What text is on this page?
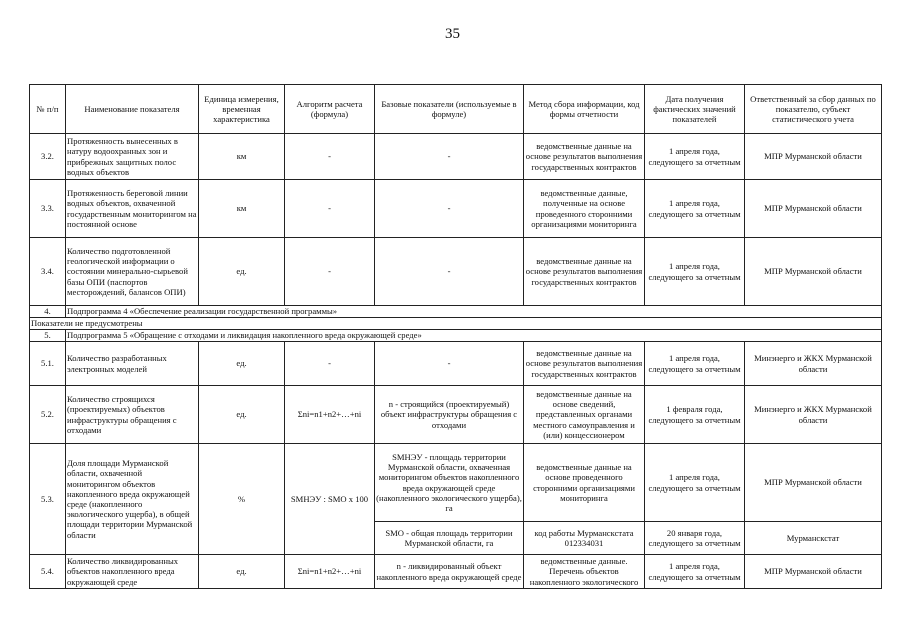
35
№ п/п	Наименование показателя	Единица измерения, временная характеристика	Алгоритм расчета (формула)	Базовые показатели (используемые в формуле)	Метод сбора информации, код формы отчетности	Дата получения фактических значений показателей	Ответственный за сбор данных по показателю, субъект статистического учета
3.2.	Протяженность вынесенных в натуру водоохранных зон и прибрежных защитных полос водных объектов	км	-	-	ведомственные данные на основе результатов выполнения государственных контрактов	1 апреля года, следующего за отчетным	МПР Мурманской области
3.3.	Протяженность береговой линии водных объектов, охваченной государственным мониторингом на постоянной основе	км	-	-	ведомственные данные, полученные на основе проведенного сторонними организациями мониторинга	1 апреля года, следующего за отчетным	МПР Мурманской области
3.4.	Количество подготовленной геологической информации о состоянии минерально-сырьевой базы ОПИ (паспортов месторождений, балансов ОПИ)	ед.	-	-	ведомственные данные на основе результатов выполнения государственных контрактов	1 апреля года, следующего за отчетным	МПР Мурманской области
4.	Подпрограмма 4 «Обеспечение реализации государственной программы»						
Показатели не предусмотрены							
5.	Подпрограмма 5 «Обращение с отходами и ликвидация накопленного вреда окружающей среде»						
5.1.	Количество разработанных электронных моделей	ед.	-	-	ведомственные данные на основе результатов выполнения государственных контрактов	1 апреля года, следующего за отчетным	Минэнерго и ЖКХ Мурманской области
5.2.	Количество строящихся (проектируемых) объектов инфраструктуры обращения с отходами	ед.	Σni=n1+n2+…+ni	n - строящийся (проектируемый) объект инфраструктуры обращения с отходами	ведомственные данные на основе сведений, представленных органами местного самоуправления и (или) концессионером	1 февраля года, следующего за отчетным	Минэнерго и ЖКХ Мурманской области
5.3.	Доля площади Мурманской области, охваченной мониторингом объектов накопленного вреда окружающей среде (накопленного экологического ущерба), в общей площади территории Мурманской области	%	SМНЭУ : SМО х 100	SМНЭУ - площадь территории Мурманской области, охваченная мониторингом объектов накопленного вреда окружающей среде (накопленного экологического ущерба), га	ведомственные данные на основе проведенного сторонними организациями мониторинга	1 апреля года, следующего за отчетным	МПР Мурманской области
				SМО - общая площадь территории Мурманской области, га	код работы Мурманскстата 012334031	20 января года, следующего за отчетным	Мурманскстат
5.4.	Количество ликвидированных объектов накопленного вреда окружающей среде	ед.	Σni=n1+n2+…+ni	n - ликвидированный объект накопленного вреда окружающей среде	ведомственные данные. Перечень объектов накопленного экологического	1 апреля года, следующего за отчетным	МПР Мурманской области
